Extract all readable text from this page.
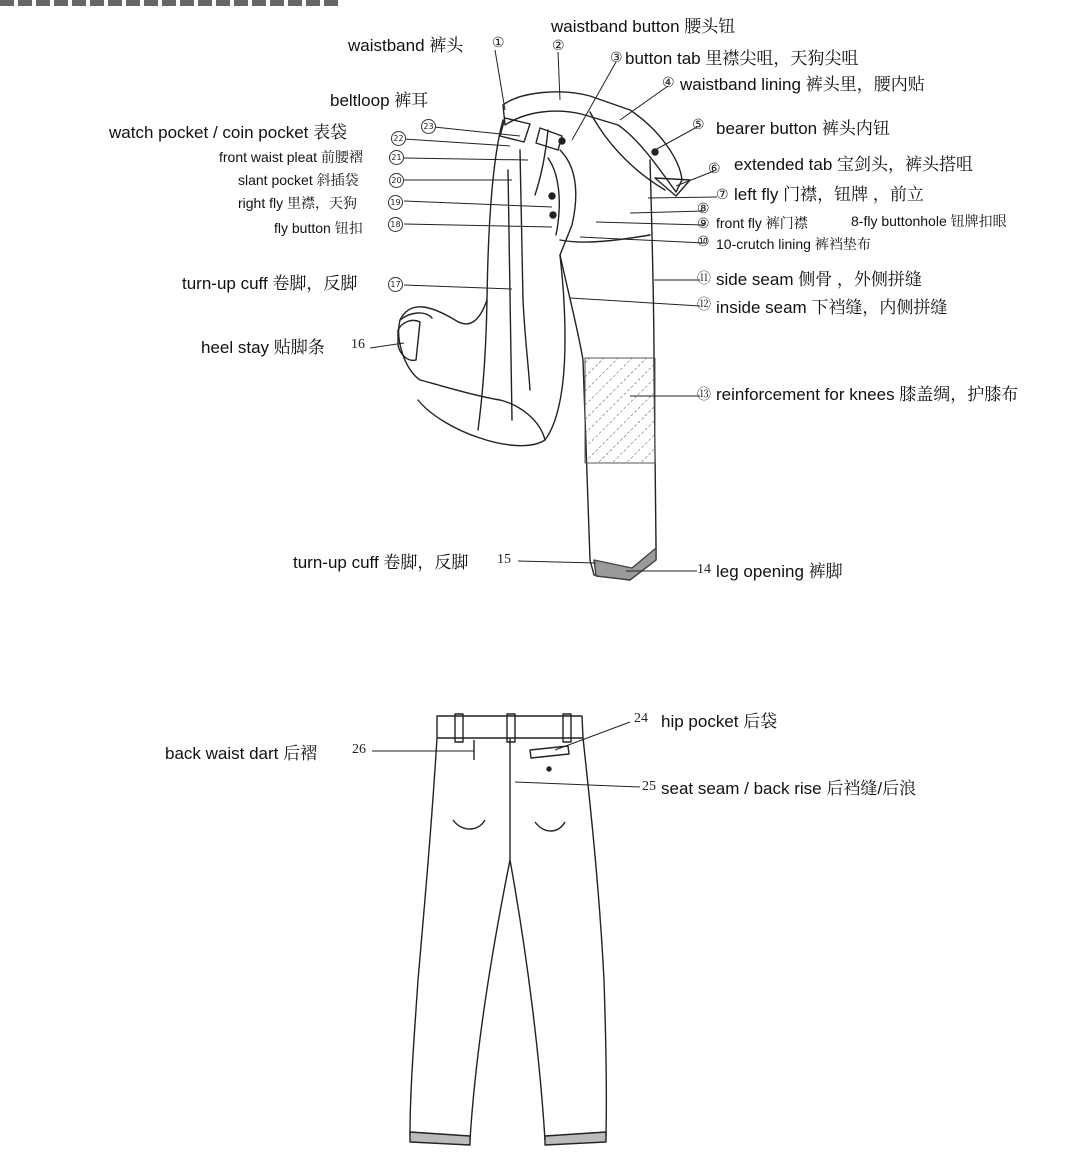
waistband 裤头 ①
waistband button 腰头钮
②
③ button tab 里襟尖咀，天狗尖咀
④ waistband lining 裤头里，腰内贴
beltloop 裤耳
⑤ bearer button 裤头内钮
watch pocket / coin pocket 表袋	23
22
front waist pleat 前腰褶	21
⑥ extended tab 宝剑头，裤头搭咀
slant pocket 斜插袋	20
⑦ left fly 门襟，钮牌 ，前立
right fly 里襟，天狗	19	⑧
⑨ front fly 裤门襟	8-fly buttonhole 钮牌扣眼
fly button 钮扣	18
⑩ 10-crutch lining 裤裆垫布
turn-up cuff 卷脚，反脚	17	⑪ side seam 侧骨 ，外侧拼缝
⑫ inside seam 下裆缝，内侧拼缝
heel stay 贴脚条 16
⑬ reinforcement for knees 膝盖绸，护膝布
turn-up cuff 卷脚，反脚 15
14 leg opening 裤脚
24 hip pocket 后袋
back waist dart 后褶 26
25 seat seam / back rise 后裆缝/后浪
